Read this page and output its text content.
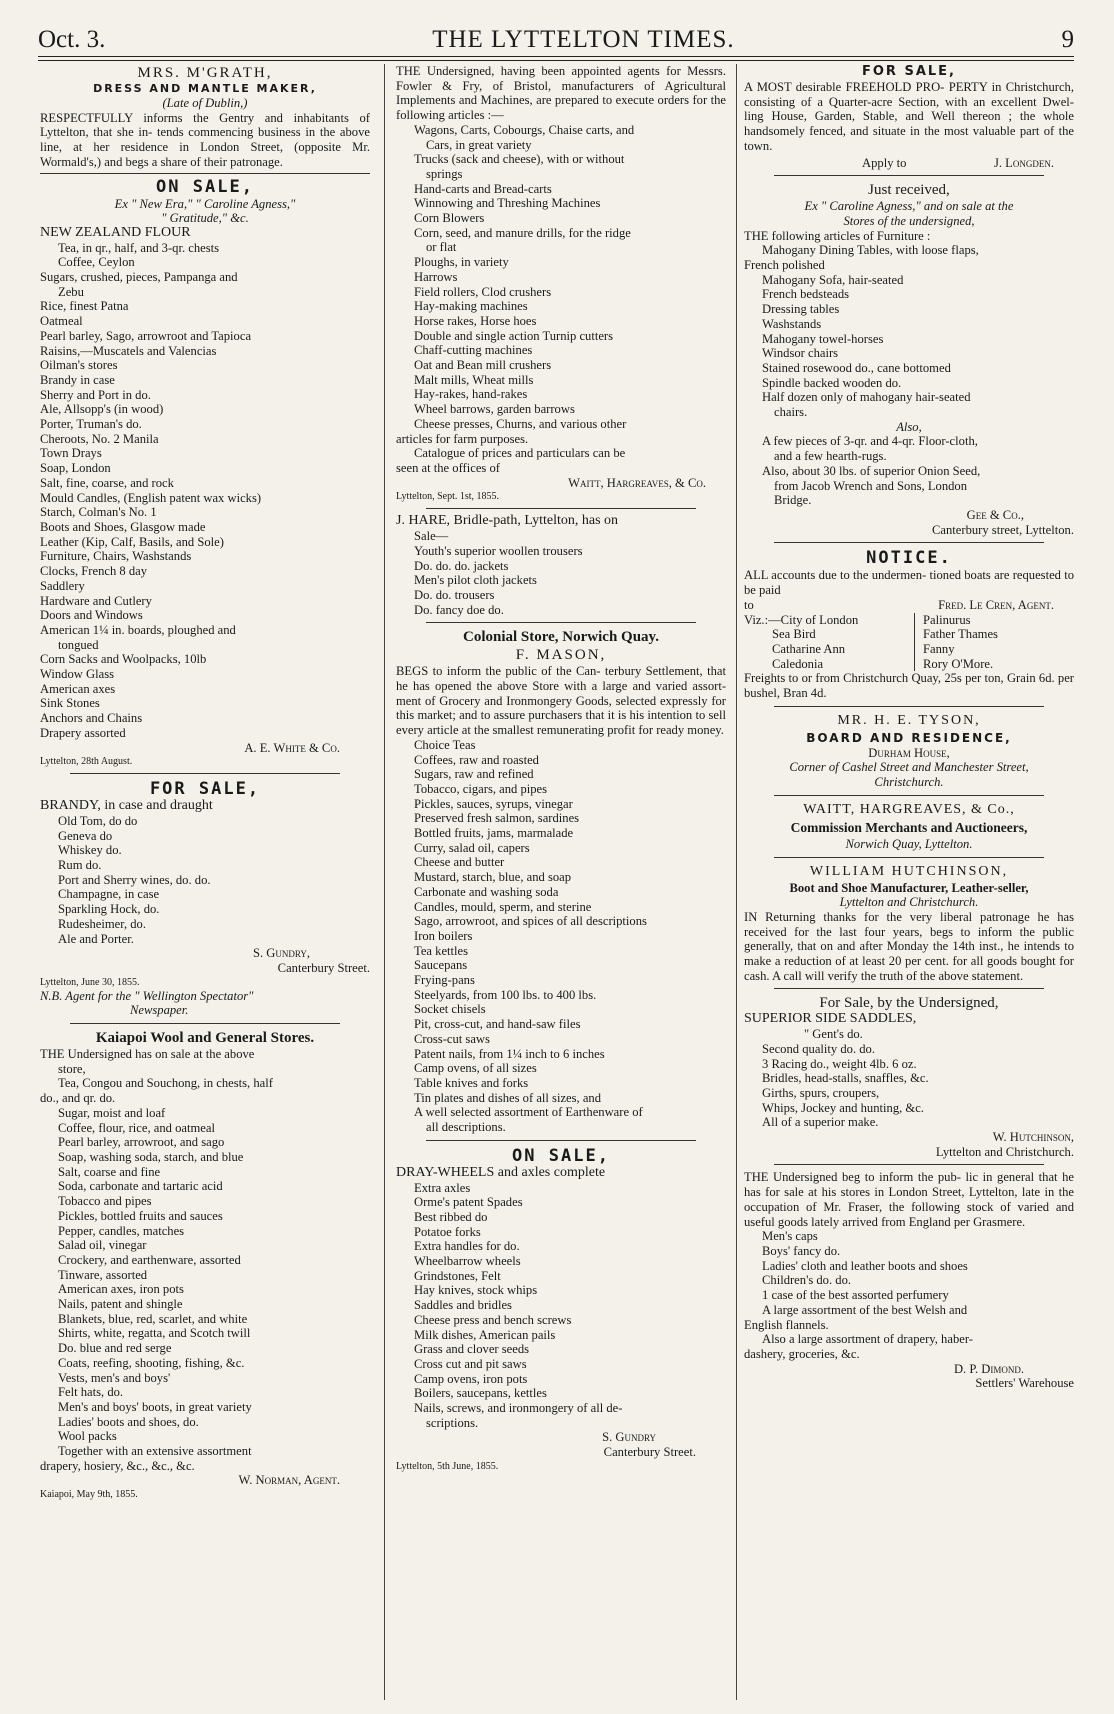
Oct. 3.	THE LYTTELTON TIMES.	9
MRS. M'GRATH,
DRESS AND MANTLE MAKER,
(Late of Dublin,)
RESPECTFULLY informs the Gentry and inhabitants of Lyttelton, that she in- tends commencing business in the above line, at her residence in London Street, (opposite Mr. Wormald's,) and begs a share of their patronage.
ON SALE,
Ex " New Era," " Caroline Agness,"
" Gratitude," &c.
NEW ZEALAND FLOUR
Tea, in qr., half, and 3-qr. chests
Coffee, Ceylon
Sugars, crushed, pieces, Pampanga and
Zebu
Rice, finest Patna
Oatmeal
Pearl barley, Sago, arrowroot and Tapioca
Raisins,—Muscatels and Valencias
Oilman's stores
Brandy in case
Sherry and Port in do.
Ale, Allsopp's (in wood)
Porter, Truman's do.
Cheroots, No. 2 Manila
Town Drays
Soap, London
Salt, fine, coarse, and rock
Mould Candles, (English patent wax wicks)
Starch, Colman's No. 1
Boots and Shoes, Glasgow made
Leather (Kip, Calf, Basils, and Sole)
Furniture, Chairs, Washstands
Clocks, French 8 day
Saddlery
Hardware and Cutlery
Doors and Windows
American 1¼ in. boards, ploughed and
tongued
Corn Sacks and Woolpacks, 10lb
Window Glass
American axes
Sink Stones
Anchors and Chains
Drapery assorted
A. E. White & Co.
Lyttelton, 28th August.
FOR SALE,
BRANDY, in case and draught
Old Tom, do do
Geneva do
Whiskey do.
Rum do.
Port and Sherry wines, do. do.
Champagne, in case
Sparkling Hock, do.
Rudesheimer, do.
Ale and Porter.
S. Gundry,
Canterbury Street.
Lyttelton, June 30, 1855.
N.B. Agent for the " Wellington Spectator"
Newspaper.
Kaiapoi Wool and General Stores.
THE Undersigned has on sale at the above
store,
Tea, Congou and Souchong, in chests, half
do., and qr. do.
Sugar, moist and loaf
Coffee, flour, rice, and oatmeal
Pearl barley, arrowroot, and sago
Soap, washing soda, starch, and blue
Salt, coarse and fine
Soda, carbonate and tartaric acid
Tobacco and pipes
Pickles, bottled fruits and sauces
Pepper, candles, matches
Salad oil, vinegar
Crockery, and earthenware, assorted
Tinware, assorted
American axes, iron pots
Nails, patent and shingle
Blankets, blue, red, scarlet, and white
Shirts, white, regatta, and Scotch twill
Do. blue and red serge
Coats, reefing, shooting, fishing, &c.
Vests, men's and boys'
Felt hats, do.
Men's and boys' boots, in great variety
Ladies' boots and shoes, do.
Wool packs
Together with an extensive assortment
drapery, hosiery, &c., &c., &c.
W. Norman, Agent.
Kaiapoi, May 9th, 1855.
THE Undersigned, having been appointed agents for Messrs. Fowler & Fry, of Bristol, manufacturers of Agricultural Implements and Machines, are prepared to execute orders for the following articles :—
Wagons, Carts, Cobourgs, Chaise carts, and
Cars, in great variety
Trucks (sack and cheese), with or without
springs
Hand-carts and Bread-carts
Winnowing and Threshing Machines
Corn Blowers
Corn, seed, and manure drills, for the ridge
or flat
Ploughs, in variety
Harrows
Field rollers, Clod crushers
Hay-making machines
Horse rakes, Horse hoes
Double and single action Turnip cutters
Chaff-cutting machines
Oat and Bean mill crushers
Malt mills, Wheat mills
Hay-rakes, hand-rakes
Wheel barrows, garden barrows
Cheese presses, Churns, and various other
articles for farm purposes.
Catalogue of prices and particulars can be
seen at the offices of
Waitt, Hargreaves, & Co.
Lyttelton, Sept. 1st, 1855.
J. HARE, Bridle-path, Lyttelton, has on
Sale—
Youth's superior woollen trousers
Do. do. do. jackets
Men's pilot cloth jackets
Do. do. trousers
Do. fancy doe do.
Colonial Store, Norwich Quay.
F. MASON,
BEGS to inform the public of the Can- terbury Settlement, that he has opened the above Store with a large and varied assort- ment of Grocery and Ironmongery Goods, selected expressly for this market; and to assure purchasers that it is his intention to sell every article at the smallest remunerating profit for ready money.
Choice Teas
Coffees, raw and roasted
Sugars, raw and refined
Tobacco, cigars, and pipes
Pickles, sauces, syrups, vinegar
Preserved fresh salmon, sardines
Bottled fruits, jams, marmalade
Curry, salad oil, capers
Cheese and butter
Mustard, starch, blue, and soap
Carbonate and washing soda
Candles, mould, sperm, and sterine
Sago, arrowroot, and spices of all descriptions
Iron boilers
Tea kettles
Saucepans
Frying-pans
Steelyards, from 100 lbs. to 400 lbs.
Socket chisels
Pit, cross-cut, and hand-saw files
Cross-cut saws
Patent nails, from 1¼ inch to 6 inches
Camp ovens, of all sizes
Table knives and forks
Tin plates and dishes of all sizes, and
A well selected assortment of Earthenware of
all descriptions.
ON SALE,
DRAY-WHEELS and axles complete
Extra axles
Orme's patent Spades
Best ribbed do
Potatoe forks
Extra handles for do.
Wheelbarrow wheels
Grindstones, Felt
Hay knives, stock whips
Saddles and bridles
Cheese press and bench screws
Milk dishes, American pails
Grass and clover seeds
Cross cut and pit saws
Camp ovens, iron pots
Boilers, saucepans, kettles
Nails, screws, and ironmongery of all de-
scriptions.
S. Gundry
Canterbury Street.
Lyttelton, 5th June, 1855.
FOR SALE,
A MOST desirable FREEHOLD PRO- PERTY in Christchurch, consisting of a Quarter-acre Section, with an excellent Dwel- ling House, Garden, Stable, and Well thereon ; the whole handsomely fenced, and situate in the most valuable part of the town.
Apply to	J. Longden.
Just received,
Ex " Caroline Agness," and on sale at the
Stores of the undersigned,
THE following articles of Furniture :
Mahogany Dining Tables, with loose flaps,
French polished
Mahogany Sofa, hair-seated
French bedsteads
Dressing tables
Washstands
Mahogany towel-horses
Windsor chairs
Stained rosewood do., cane bottomed
Spindle backed wooden do.
Half dozen only of mahogany hair-seated
chairs.
Also,
A few pieces of 3-qr. and 4-qr. Floor-cloth,
and a few hearth-rugs.
Also, about 30 lbs. of superior Onion Seed,
from Jacob Wrench and Sons, London
Bridge.
Gee & Co.,
Canterbury street, Lyttelton.
NOTICE.
ALL accounts due to the undermen- tioned boats are requested to be paid
to	Fred. Le Cren, Agent.
Viz.:—City of London	Palinurus
Sea Bird	Father Thames
Catharine Ann	Fanny
Caledonia	Rory O'More.
Freights to or from Christchurch Quay, 25s per ton, Grain 6d. per bushel, Bran 4d.
MR. H. E. TYSON,
BOARD AND RESIDENCE,
Durham House,
Corner of Cashel Street and Manchester Street,
Christchurch.
WAITT, HARGREAVES, & Co.,
Commission Merchants and Auctioneers,
Norwich Quay, Lyttelton.
WILLIAM HUTCHINSON,
Boot and Shoe Manufacturer, Leather-seller,
Lyttelton and Christchurch.
IN Returning thanks for the very liberal patronage he has received for the last four years, begs to inform the public generally, that on and after Monday the 14th inst., he intends to make a reduction of at least 20 per cent. for all goods bought for cash. A call will verify the truth of the above statement.
For Sale, by the Undersigned,
SUPERIOR SIDE SADDLES,
" Gent's do.
Second quality do. do.
3 Racing do., weight 4lb. 6 oz.
Bridles, head-stalls, snaffles, &c.
Girths, spurs, croupers,
Whips, Jockey and hunting, &c.
All of a superior make.
W. Hutchinson,
Lyttelton and Christchurch.
THE Undersigned beg to inform the pub- lic in general that he has for sale at his stores in London Street, Lyttelton, late in the occupation of Mr. Fraser, the following stock of varied and useful goods lately arrived from England per Grasmere.
Men's caps
Boys' fancy do.
Ladies' cloth and leather boots and shoes
Children's do. do.
1 case of the best assorted perfumery
A large assortment of the best Welsh and
English flannels.
Also a large assortment of drapery, haber-
dashery, groceries, &c.
D. P. Dimond.
Settlers' Warehouse
